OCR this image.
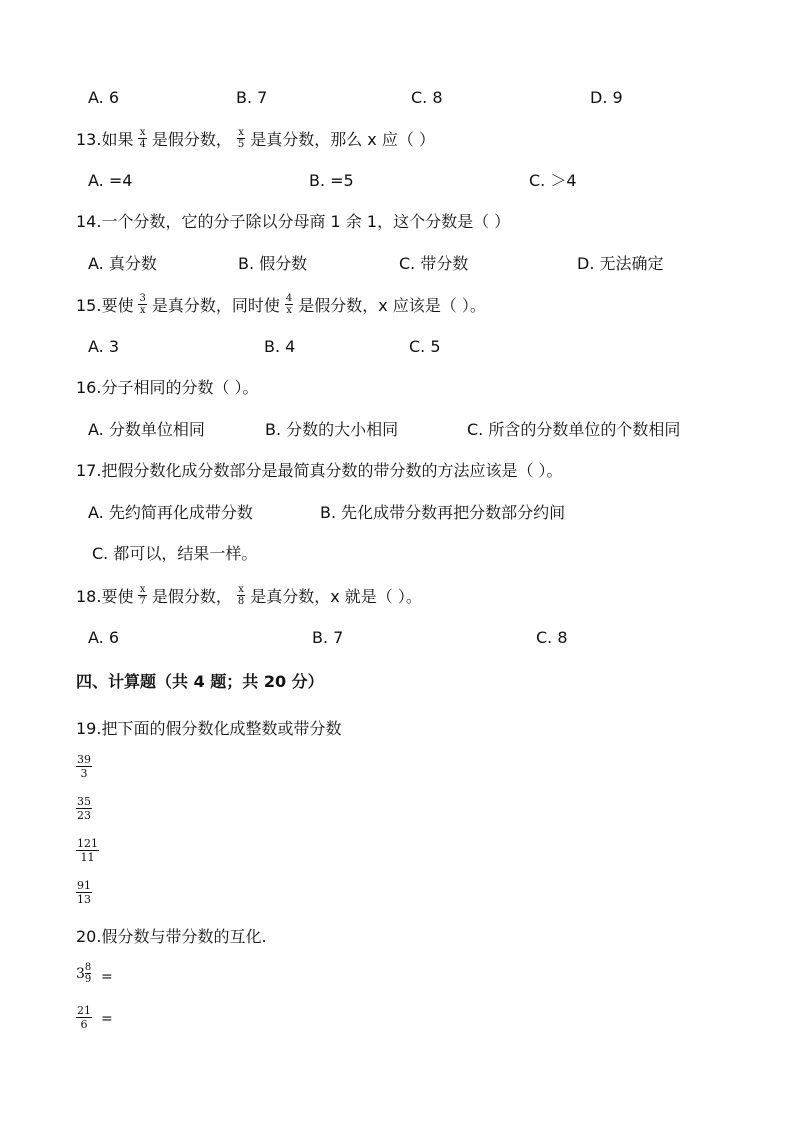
A. 6	B. 7	C. 8	D. 9
13.如果 $\frac{x}{4}$ 是假分数， $\frac{x}{5}$ 是真分数，那么 x 应（ ）
A. =4	B. =5	C. ＞4
14.一个分数，它的分子除以分母商 1 余 1，这个分数是（ ）
A. 真分数	B. 假分数	C. 带分数	D. 无法确定
15.要使 $\frac{3}{x}$ 是真分数，同时使 $\frac{4}{x}$ 是假分数，x 应该是（ ）。
A. 3	B. 4	C. 5
16.分子相同的分数（ ）。
A. 分数单位相同	B. 分数的大小相同	C. 所含的分数单位的个数相同
17.把假分数化成分数部分是最简真分数的带分数的方法应该是（ ）。
A. 先约简再化成带分数	B. 先化成带分数再把分数部分约间
C. 都可以，结果一样。
18.要使 $\frac{x}{7}$ 是假分数， $\frac{x}{8}$ 是真分数，x 就是（ ）。
A. 6	B. 7	C. 8
四、计算题（共 4 题；共 20 分）
19.把下面的假分数化成整数或带分数
$\frac{39}{3}$
$\frac{35}{23}$
$\frac{121}{11}$
$\frac{91}{13}$
20.假分数与带分数的互化.
$3 \frac{8}{9}$ =
$\frac{21}{6}$ =
